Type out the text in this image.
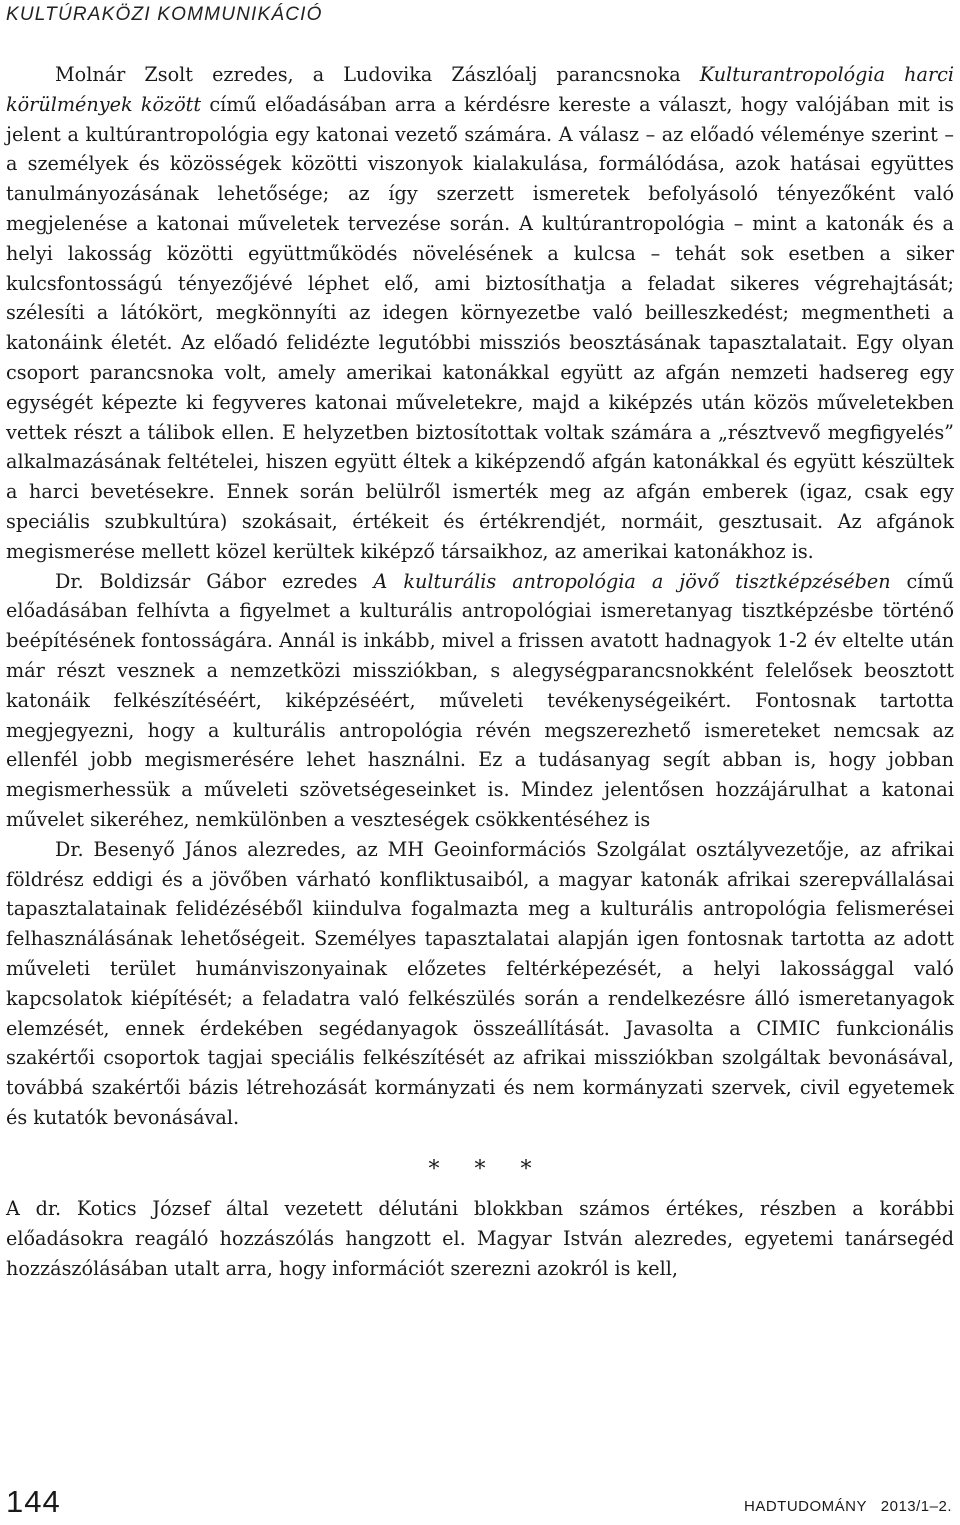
KULTÚRAKÖZI KOMMUNIKÁCIÓ

Molnár Zsolt ezredes, a Ludovika Zászlóalj parancsnoka Kulturantropológia harci körülmények között című előadásában arra a kérdésre kereste a választ, hogy valójában mit is jelent a kultúrantropológia egy katonai vezető számára. A válasz – az előadó véleménye szerint – a személyek és közösségek közötti viszonyok kialakulása, formálódása, azok hatásai együttes tanulmányozásának lehetősége; az így szerzett ismeretek befolyásoló tényezőként való megjelenése a katonai műveletek tervezése során. A kultúrantropológia – mint a katonák és a helyi lakosság közötti együttműködés növelésének a kulcsa – tehát sok esetben a siker kulcsfontosságú tényezőjévé léphet elő, ami biztosíthatja a feladat sikeres végrehajtását; szélesíti a látókört, megkönnyíti az idegen környezetbe való beilleszkedést; megmentheti a katonáink életét. Az előadó felidézte legutóbbi missziós beosztásának tapasztalatait. Egy olyan csoport parancsnoka volt, amely amerikai katonákkal együtt az afgán nemzeti hadsereg egy egységét képezte ki fegyveres katonai műveletekre, majd a kiképzés után közös műveletekben vettek részt a tálibok ellen. E helyzetben biztosítottak voltak számára a „résztvevő megfigyelés” alkalmazásának feltételei, hiszen együtt éltek a kiképzendő afgán katonákkal és együtt készültek a harci bevetésekre. Ennek során belülről ismerték meg az afgán emberek (igaz, csak egy speciális szubkultúra) szokásait, értékeit és értékrendjét, normáit, gesztusait. Az afgánok megismerése mellett közel kerültek kiképző társaikhoz, az amerikai katonákhoz is.

Dr. Boldizsár Gábor ezredes A kulturális antropológia a jövő tisztképzésében című előadásában felhívta a figyelmet a kulturális antropológiai ismeretanyag tisztképzésbe történő beépítésének fontosságára. Annál is inkább, mivel a frissen avatott hadnagyok 1-2 év eltelte után már részt vesznek a nemzetközi missziókban, s alegységparancsnokként felelősek beosztott katonáik felkészítéséért, kiképzéséért, műveleti tevékenységeikért. Fontosnak tartotta megjegyezni, hogy a kulturális antropológia révén megszerezhető ismereteket nemcsak az ellenfél jobb megismerésére lehet használni. Ez a tudásanyag segít abban is, hogy jobban megismerhessük a műveleti szövetségeseinket is. Mindez jelentősen hozzájárulhat a katonai művelet sikeréhez, nemkülönben a veszteségek csökkentéséhez is

Dr. Besenyő János alezredes, az MH Geoinformációs Szolgálat osztályvezetője, az afrikai földrész eddigi és a jövőben várható konfliktusaiból, a magyar katonák afrikai szerepvállalásai tapasztalatainak felidézéséből kiindulva fogalmazta meg a kulturális antropológia felismerései felhasználásának lehetőségeit. Személyes tapasztalatai alapján igen fontosnak tartotta az adott műveleti terület humánviszonyainak előzetes feltérképezését, a helyi lakossággal való kapcsolatok kiépítését; a feladatra való felkészülés során a rendelkezésre álló ismeretanyagok elemzését, ennek érdekében segédanyagok összeállítását. Javasolta a CIMIC funkcionális szakértői csoportok tagjai speciális felkészítését az afrikai missziókban szolgáltak bevonásával, továbbá szakértői bázis létrehozását kormányzati és nem kormányzati szervek, civil egyetemek és kutatók bevonásával.

* * *

A dr. Kotics József által vezetett délutáni blokkban számos értékes, részben a korábbi előadásokra reagáló hozzászólás hangzott el. Magyar István alezredes, egyetemi tanársegéd hozzászólásában utalt arra, hogy információt szerezni azokról is kell,

144	HADTUDOMÁNY 2013/1–2.
